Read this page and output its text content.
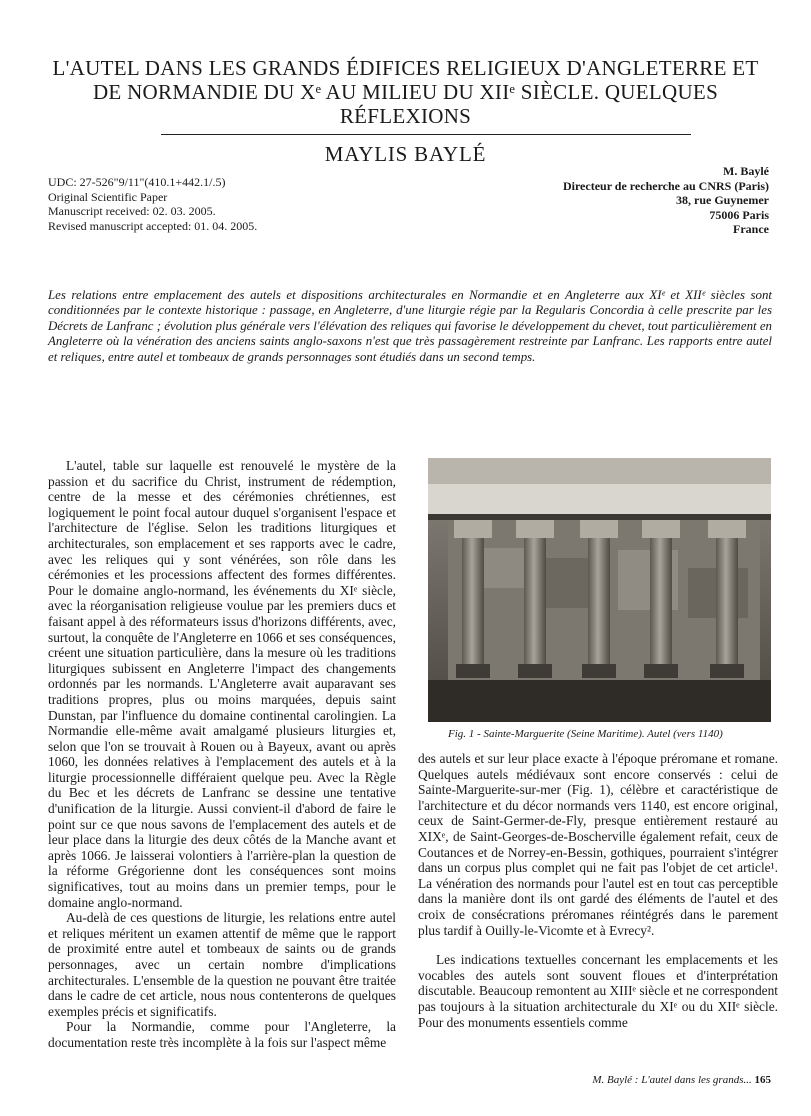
L'AUTEL DANS LES GRANDS ÉDIFICES RELIGIEUX D'ANGLETERRE ET
DE NORMANDIE DU Xᵉ AU MILIEU DU XIIᵉ SIÈCLE. QUELQUES
RÉFLEXIONS
MAYLIS BAYLÉ
UDC: 27-526"9/11"(410.1+442.1/.5)
Original Scientific Paper
Manuscript received: 02. 03. 2005.
Revised manuscript accepted: 01. 04. 2005.
M. Baylé
Directeur de recherche au CNRS (Paris)
38, rue Guynemer
75006 Paris
France

Les relations entre emplacement des autels et dispositions architecturales en Normandie et en Angleterre aux XIᵉ et XIIᵉ siècles sont conditionnées par le contexte historique : passage, en Angleterre, d'une liturgie régie par la Regularis Concordia à celle prescrite par les Décrets de Lanfranc ; évolution plus générale vers l'élévation des reliques qui favorise le développement du chevet, tout particulièrement en Angleterre où la vénération des anciens saints anglo-saxons n'est que très passagèrement restreinte par Lanfranc. Les rapports entre autel et reliques, entre autel et tombeaux de grands personnages sont étudiés dans un second temps.

L'autel, table sur laquelle est renouvelé le mystère de la passion et du sacrifice du Christ, instrument de rédemption, centre de la messe et des cérémonies chrétiennes, est logiquement le point focal autour duquel s'organisent l'espace et l'architecture de l'église. Selon les traditions liturgiques et architecturales, son emplacement et ses rapports avec le cadre, avec les reliques qui y sont vénérées, son rôle dans les cérémonies et les processions affectent des formes différentes. Pour le domaine anglo-normand, les événements du XIᵉ siècle, avec la réorganisation religieuse voulue par les premiers ducs et faisant appel à des réformateurs issus d'horizons différents, avec, surtout, la conquête de l'Angleterre en 1066 et ses conséquences, créent une situation particulière, dans la mesure où les traditions liturgiques subissent en Angleterre l'impact des changements ordonnés par les normands. L'Angleterre avait auparavant ses traditions propres, plus ou moins marquées, depuis saint Dunstan, par l'influence du domaine continental carolingien. La Normandie elle-même avait amalgamé plusieurs liturgies et, selon que l'on se trouvait à Rouen ou à Bayeux, avant ou après 1060, les données relatives à l'emplacement des autels et à la liturgie processionnelle différaient quelque peu. Avec la Règle du Bec et les décrets de Lanfranc se dessine une tentative d'unification de la liturgie. Aussi convient-il d'abord de faire le point sur ce que nous savons de l'emplacement des autels et de leur place dans la liturgie des deux côtés de la Manche avant et après 1066. Je laisserai volontiers à l'arrière-plan la question de la réforme Grégorienne dont les conséquences sont moins significatives, tout au moins dans un premier temps, pour le domaine anglo-normand.

Au-delà de ces questions de liturgie, les relations entre autel et reliques méritent un examen attentif de même que le rapport de proximité entre autel et tombeaux de saints ou de grands personnages, avec un certain nombre d'implications architecturales. L'ensemble de la question ne pouvant être traitée dans le cadre de cet article, nous nous contenterons de quelques exemples précis et significatifs.

Pour la Normandie, comme pour l'Angleterre, la documentation reste très incomplète à la fois sur l'aspect même

Fig. 1 - Sainte-Marguerite (Seine Maritime). Autel (vers 1140)

des autels et sur leur place exacte à l'époque préromane et romane. Quelques autels médiévaux sont encore conservés : celui de Sainte-Marguerite-sur-mer (Fig. 1), célèbre et caractéristique de l'architecture et du décor normands vers 1140, est encore original, ceux de Saint-Germer-de-Fly, presque entièrement restauré au XIXᵉ, de Saint-Georges-de-Boscherville également refait, ceux de Coutances et de Norrey-en-Bessin, gothiques, pourraient s'intégrer dans un corpus plus complet qui ne fait pas l'objet de cet article¹. La vénération des normands pour l'autel est en tout cas perceptible dans la manière dont ils ont gardé des éléments de l'autel et des croix de consécrations préromanes réintégrés dans le parement plus tardif à Ouilly-le-Vicomte et à Evrecy².

Les indications textuelles concernant les emplacements et les vocables des autels sont souvent floues et d'interprétation discutable. Beaucoup remontent au XIIIᵉ siècle et ne correspondent pas toujours à la situation architecturale du XIᵉ ou du XIIᵉ siècle. Pour des monuments essentiels comme

M. Baylé : L'autel dans les grands... 165
